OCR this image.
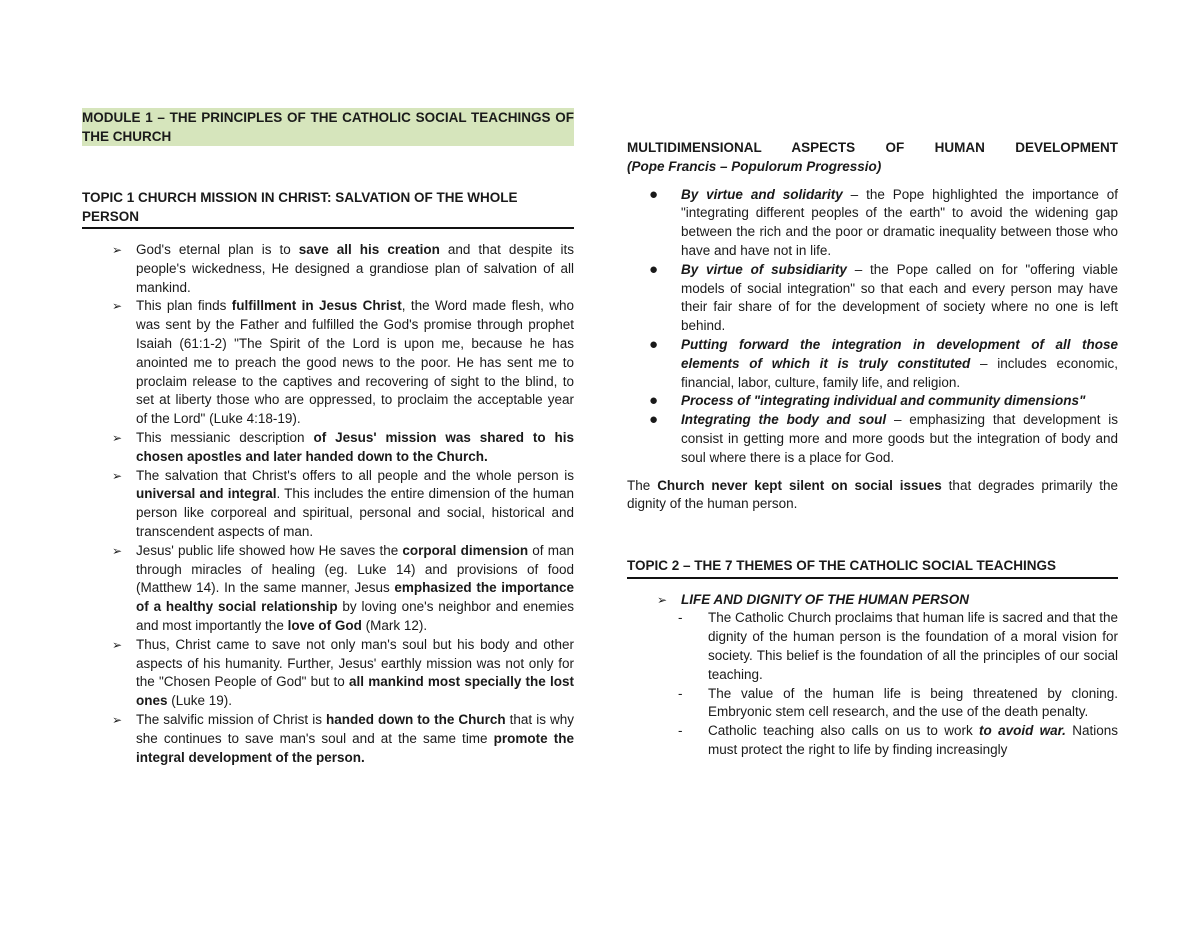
MODULE 1 – THE PRINCIPLES OF THE CATHOLIC SOCIAL TEACHINGS OF THE CHURCH
TOPIC 1 CHURCH MISSION IN CHRIST: SALVATION OF THE WHOLE PERSON
➢ God's eternal plan is to save all his creation and that despite its people's wickedness, He designed a grandiose plan of salvation of all mankind.
➢ This plan finds fulfillment in Jesus Christ, the Word made flesh, who was sent by the Father and fulfilled the God's promise through prophet Isaiah (61:1-2) "The Spirit of the Lord is upon me, because he has anointed me to preach the good news to the poor. He has sent me to proclaim release to the captives and recovering of sight to the blind, to set at liberty those who are oppressed, to proclaim the acceptable year of the Lord" (Luke 4:18-19).
➢ This messianic description of Jesus' mission was shared to his chosen apostles and later handed down to the Church.
➢ The salvation that Christ's offers to all people and the whole person is universal and integral. This includes the entire dimension of the human person like corporeal and spiritual, personal and social, historical and transcendent aspects of man.
➢ Jesus' public life showed how He saves the corporal dimension of man through miracles of healing (eg. Luke 14) and provisions of food (Matthew 14). In the same manner, Jesus emphasized the importance of a healthy social relationship by loving one's neighbor and enemies and most importantly the love of God (Mark 12).
➢ Thus, Christ came to save not only man's soul but his body and other aspects of his humanity. Further, Jesus' earthly mission was not only for the "Chosen People of God" but to all mankind most specially the lost ones (Luke 19).
➢ The salvific mission of Christ is handed down to the Church that is why she continues to save man's soul and at the same time promote the integral development of the person.
MULTIDIMENSIONAL ASPECTS OF HUMAN DEVELOPMENT
(Pope Francis – Populorum Progressio)
● By virtue and solidarity – the Pope highlighted the importance of "integrating different peoples of the earth" to avoid the widening gap between the rich and the poor or dramatic inequality between those who have and have not in life.
● By virtue of subsidiarity – the Pope called on for "offering viable models of social integration" so that each and every person may have their fair share of for the development of society where no one is left behind.
● Putting forward the integration in development of all those elements of which it is truly constituted – includes economic, financial, labor, culture, family life, and religion.
● Process of "integrating individual and community dimensions"
● Integrating the body and soul – emphasizing that development is consist in getting more and more goods but the integration of body and soul where there is a place for God.
The Church never kept silent on social issues that degrades primarily the dignity of the human person.
TOPIC 2 – THE 7 THEMES OF THE CATHOLIC SOCIAL TEACHINGS
➢ LIFE AND DIGNITY OF THE HUMAN PERSON
- The Catholic Church proclaims that human life is sacred and that the dignity of the human person is the foundation of a moral vision for society. This belief is the foundation of all the principles of our social teaching.
- The value of the human life is being threatened by cloning. Embryonic stem cell research, and the use of the death penalty.
- Catholic teaching also calls on us to work to avoid war. Nations must protect the right to life by finding increasingly
